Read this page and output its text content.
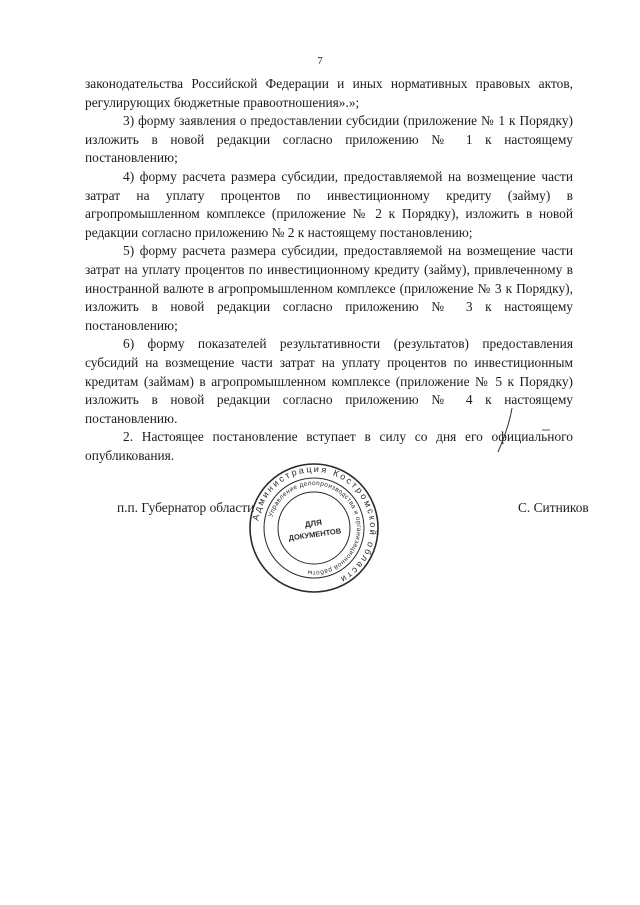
7

законодательства Российской Федерации и иных нормативных правовых актов, регулирующих бюджетные правоотношения».»;

3) форму заявления о предоставлении субсидии (приложение № 1 к Порядку) изложить в новой редакции согласно приложению № 1 к настоящему постановлению;

4) форму расчета размера субсидии, предоставляемой на возмещение части затрат на уплату процентов по инвестиционному кредиту (займу) в агропромышленном комплексе (приложение № 2 к Порядку), изложить в новой редакции согласно приложению № 2 к настоящему постановлению;

5) форму расчета размера субсидии, предоставляемой на возмещение части затрат на уплату процентов по инвестиционному кредиту (займу), привлеченному в иностранной валюте в агропромышленном комплексе (приложение № 3 к Порядку), изложить в новой редакции согласно приложению № 3 к настоящему постановлению;

6) форму показателей результативности (результатов) предоставления субсидий на возмещение части затрат на уплату процентов по инвестиционным кредитам (займам) в агропромышленном комплексе (приложение № 5 к Порядку) изложить в новой редакции согласно приложению № 4 к настоящему постановлению.

2. Настоящее постановление вступает в силу со дня его официального опубликования.

п.п. Губернатор области	С. Ситников
Администрация Костромской области
Управление делопроизводства и организационной работы
ДЛЯ
ДОКУМЕНТОВ
